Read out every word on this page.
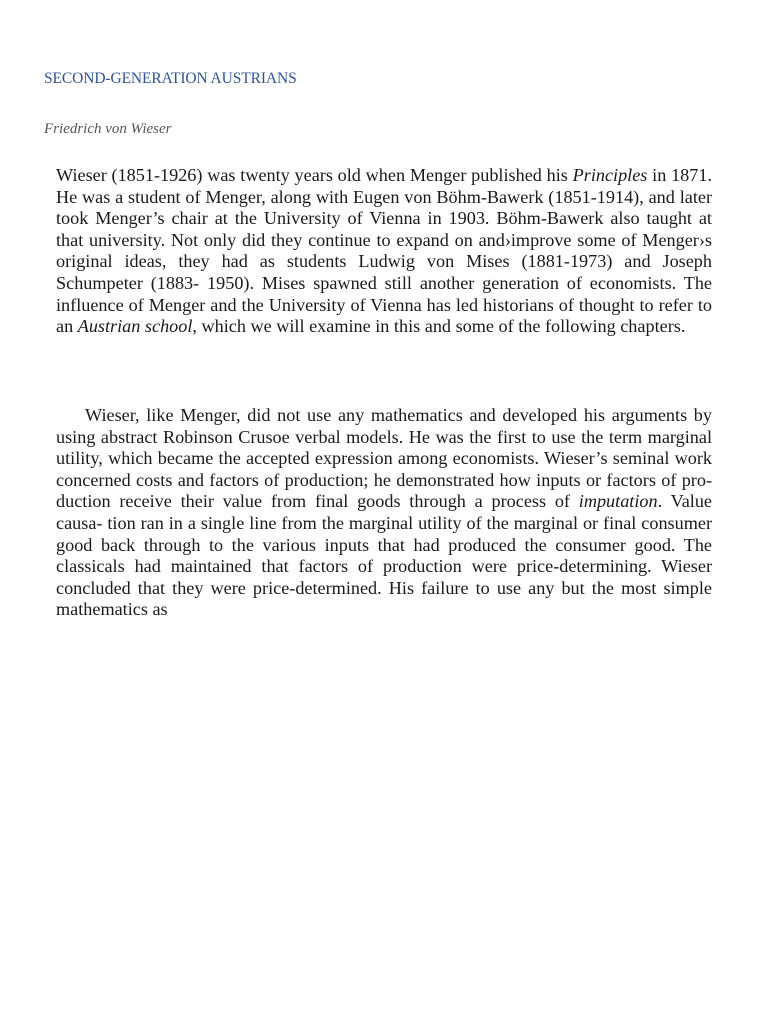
SECOND-GENERATION AUSTRIANS
Friedrich von Wieser

Wieser (1851-1926) was twenty years old when Menger published his Principles in 1871. He was a student of Menger, along with Eugen von Böhm-Bawerk (1851-1914), and later took Menger’s chair at the University of Vienna in 1903. Böhm-Bawerk also taught at that university. Not only did they continue to expand on and›improve some of Menger›s original ideas, they had as students Ludwig von Mises (1881-1973) and Joseph Schumpeter (1883- 1950). Mises spawned still another generation of economists. The influence of Menger and the University of Vienna has led historians of thought to refer to an Austrian school, which we will examine in this and some of the following chapters.

Wieser, like Menger, did not use any mathematics and developed his arguments by using abstract Robinson Crusoe verbal models. He was the first to use the term marginal utility, which became the accepted expression among economists. Wieser’s seminal work concerned costs and factors of production; he demonstrated how inputs or factors of pro- duction receive their value from final goods through a process of imputation. Value causa- tion ran in a single line from the marginal utility of the marginal or final consumer good back through to the various inputs that had produced the consumer good. The classicals had maintained that factors of production were price-determining. Wieser concluded that they were price-determined. His failure to use any but the most simple mathematics as
